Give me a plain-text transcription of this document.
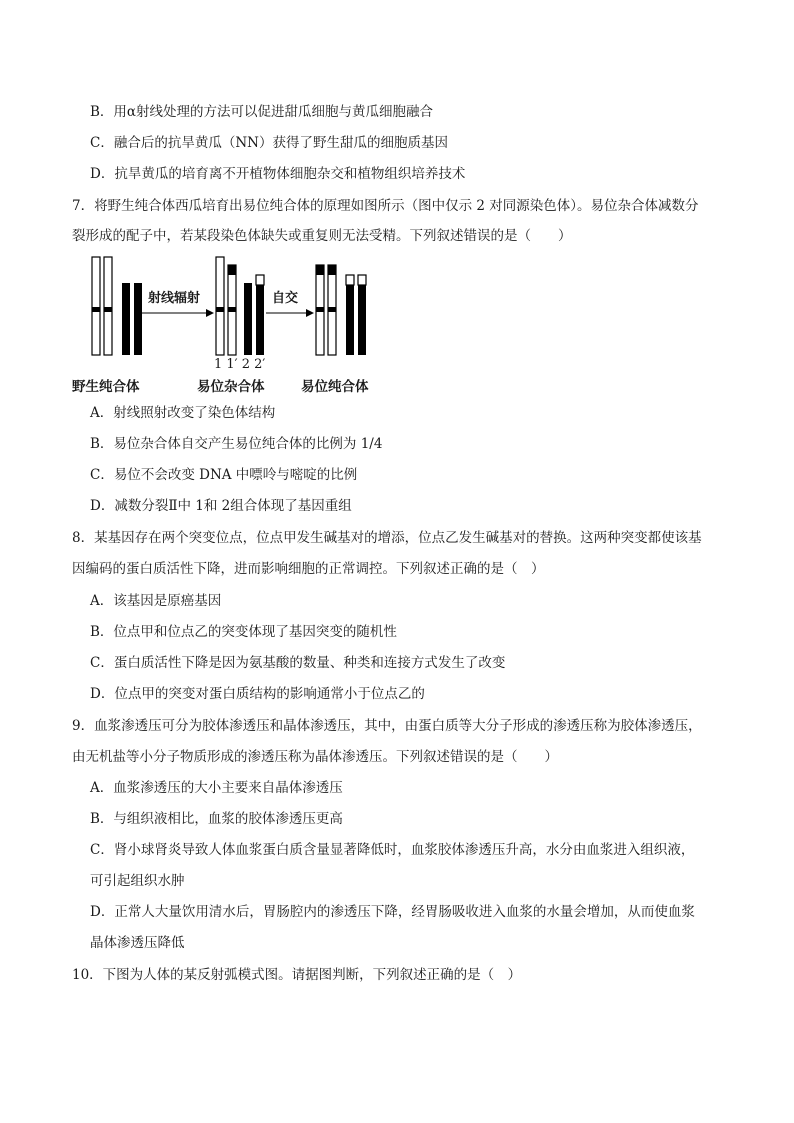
B．用α射线处理的方法可以促进甜瓜细胞与黄瓜细胞融合
C．融合后的抗旱黄瓜（NN）获得了野生甜瓜的细胞质基因
D．抗旱黄瓜的培育离不开植物体细胞杂交和植物组织培养技术
7．将野生纯合体西瓜培育出易位纯合体的原理如图所示（图中仅示 2 对同源染色体）。易位杂合体减数分
裂形成的配子中，若某段染色体缺失或重复则无法受精。下列叙述错误的是（　　）
射线辐射	自交
1 1′ 2 2′
野生纯合体	易位杂合体	易位纯合体
A．射线照射改变了染色体结构
B．易位杂合体自交产生易位纯合体的比例为 1/4
C．易位不会改变 DNA 中嘌呤与嘧啶的比例
D．减数分裂Ⅱ中 1和 2组合体现了基因重组
8．某基因存在两个突变位点，位点甲发生碱基对的增添，位点乙发生碱基对的替换。这两种突变都使该基
因编码的蛋白质活性下降，进而影响细胞的正常调控。下列叙述正确的是（　）
A．该基因是原癌基因
B．位点甲和位点乙的突变体现了基因突变的随机性
C．蛋白质活性下降是因为氨基酸的数量、种类和连接方式发生了改变
D．位点甲的突变对蛋白质结构的影响通常小于位点乙的
9．血浆渗透压可分为胶体渗透压和晶体渗透压，其中，由蛋白质等大分子形成的渗透压称为胶体渗透压，
由无机盐等小分子物质形成的渗透压称为晶体渗透压。下列叙述错误的是（　　）
A．血浆渗透压的大小主要来自晶体渗透压
B．与组织液相比，血浆的胶体渗透压更高
C．肾小球肾炎导致人体血浆蛋白质含量显著降低时，血浆胶体渗透压升高，水分由血浆进入组织液，
可引起组织水肿
D．正常人大量饮用清水后，胃肠腔内的渗透压下降，经胃肠吸收进入血浆的水量会增加，从而使血浆
晶体渗透压降低
10．下图为人体的某反射弧模式图。请据图判断，下列叙述正确的是（　）
